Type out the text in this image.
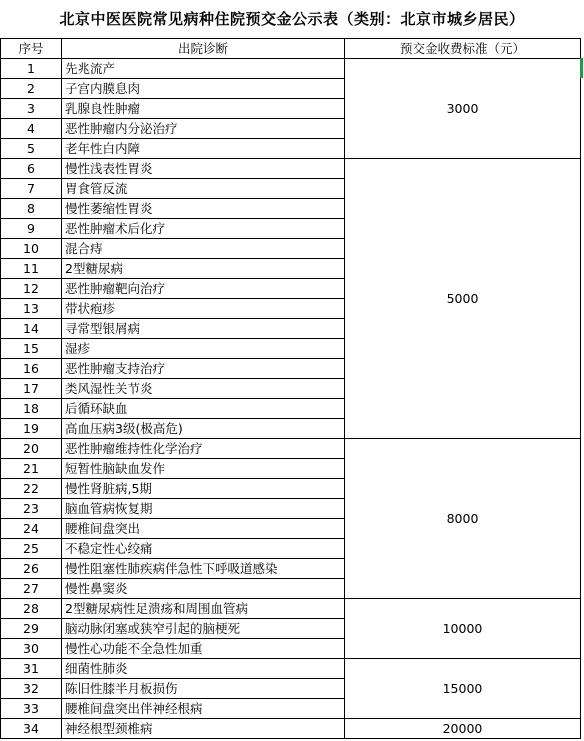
北京中医医院常见病种住院预交金公示表（类别：北京市城乡居民）
序号	出院诊断	预交金收费标准（元）
1	先兆流产	3000
2	子宫内膜息肉	
3	乳腺良性肿瘤	
4	恶性肿瘤内分泌治疗	
5	老年性白内障	
6	慢性浅表性胃炎	5000
7	胃食管反流	
8	慢性萎缩性胃炎	
9	恶性肿瘤术后化疗	
10	混合痔	
11	2型糖尿病	
12	恶性肿瘤靶向治疗	
13	带状疱疹	
14	寻常型银屑病	
15	湿疹	
16	恶性肿瘤支持治疗	
17	类风湿性关节炎	
18	后循环缺血	
19	高血压病3级(极高危)	
20	恶性肿瘤维持性化学治疗	8000
21	短暂性脑缺血发作	
22	慢性肾脏病,5期	
23	脑血管病恢复期	
24	腰椎间盘突出	
25	不稳定性心绞痛	
26	慢性阻塞性肺疾病伴急性下呼吸道感染	
27	慢性鼻窦炎	
28	2型糖尿病性足溃疡和周围血管病	10000
29	脑动脉闭塞或狭窄引起的脑梗死	
30	慢性心功能不全急性加重	
31	细菌性肺炎	15000
32	陈旧性膝半月板损伤	
33	腰椎间盘突出伴神经根病	
34	神经根型颈椎病	20000
